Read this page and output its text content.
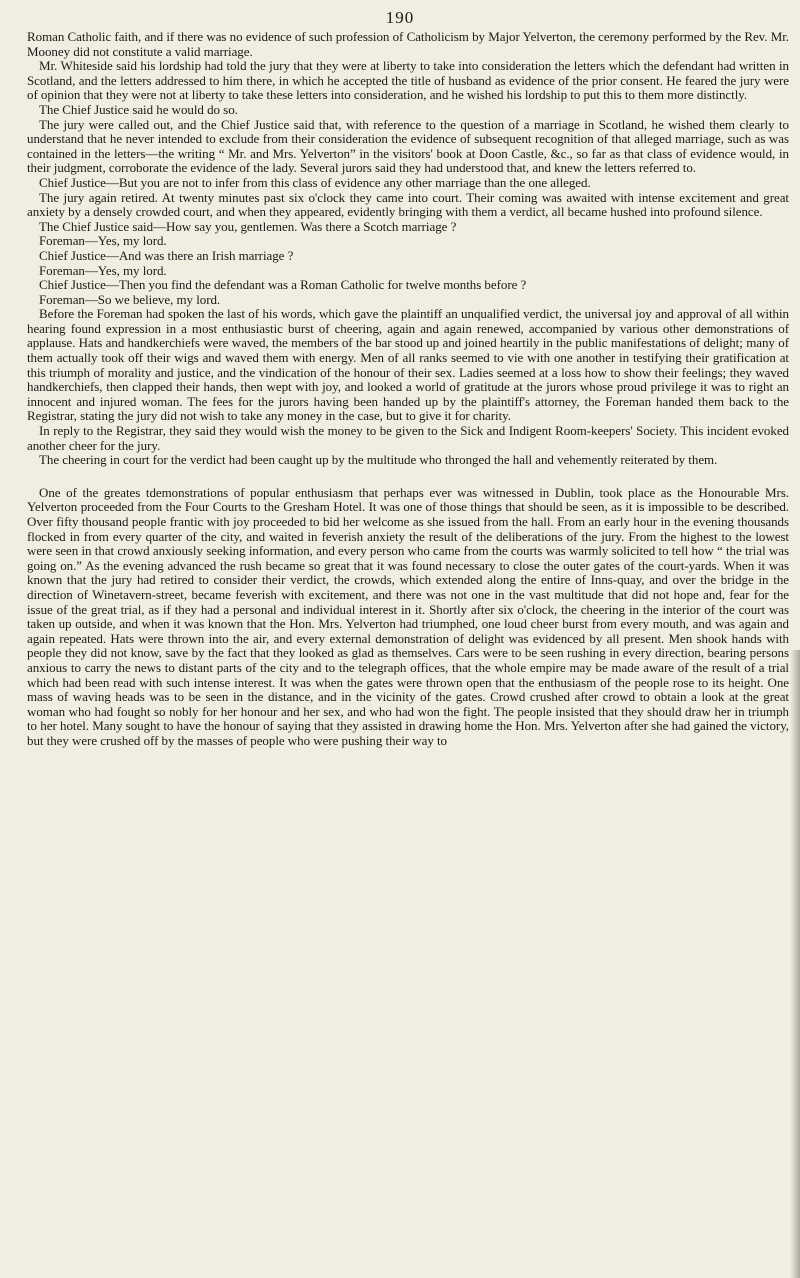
190

Roman Catholic faith, and if there was no evidence of such profession of Catholicism by Major Yelverton, the ceremony performed by the Rev. Mr. Mooney did not constitute a valid marriage.

Mr. Whiteside said his lordship had told the jury that they were at liberty to take into consideration the letters which the defendant had written in Scotland, and the letters addressed to him there, in which he accepted the title of husband as evidence of the prior consent. He feared the jury were of opinion that they were not at liberty to take these letters into consideration, and he wished his lordship to put this to them more distinctly.

The Chief Justice said he would do so.

The jury were called out, and the Chief Justice said that, with reference to the question of a marriage in Scotland, he wished them clearly to understand that he never intended to exclude from their consideration the evidence of subsequent recognition of that alleged marriage, such as was contained in the letters—the writing “ Mr. and Mrs. Yelverton” in the visitors' book at Doon Castle, &c., so far as that class of evidence would, in their judgment, corroborate the evidence of the lady. Several jurors said they had understood that, and knew the letters referred to.

Chief Justice—But you are not to infer from this class of evidence any other marriage than the one alleged.

The jury again retired. At twenty minutes past six o'clock they came into court. Their coming was awaited with intense excitement and great anxiety by a densely crowded court, and when they appeared, evidently bringing with them a verdict, all became hushed into profound silence.

The Chief Justice said—How say you, gentlemen. Was there a Scotch marriage ?

Foreman—Yes, my lord.

Chief Justice—And was there an Irish marriage ?

Foreman—Yes, my lord.

Chief Justice—Then you find the defendant was a Roman Catholic for twelve months before ?

Foreman—So we believe, my lord.

Before the Foreman had spoken the last of his words, which gave the plaintiff an unqualified verdict, the universal joy and approval of all within hearing found expression in a most enthusiastic burst of cheering, again and again renewed, accompanied by various other demonstrations of applause. Hats and handkerchiefs were waved, the members of the bar stood up and joined heartily in the public manifestations of delight; many of them actually took off their wigs and waved them with energy. Men of all ranks seemed to vie with one another in testifying their gratification at this triumph of morality and justice, and the vindication of the honour of their sex. Ladies seemed at a loss how to show their feelings; they waved handkerchiefs, then clapped their hands, then wept with joy, and looked a world of gratitude at the jurors whose proud privilege it was to right an innocent and injured woman. The fees for the jurors having been handed up by the plaintiff's attorney, the Foreman handed them back to the Registrar, stating the jury did not wish to take any money in the case, but to give it for charity.

In reply to the Registrar, they said they would wish the money to be given to the Sick and Indigent Room-keepers' Society. This incident evoked another cheer for the jury.

The cheering in court for the verdict had been caught up by the multitude who thronged the hall and vehemently reiterated by them.

One of the greates tdemonstrations of popular enthusiasm that perhaps ever was witnessed in Dublin, took place as the Honourable Mrs. Yelverton proceeded from the Four Courts to the Gresham Hotel. It was one of those things that should be seen, as it is impossible to be described. Over fifty thousand people frantic with joy proceeded to bid her welcome as she issued from the hall. From an early hour in the evening thousands flocked in from every quarter of the city, and waited in feverish anxiety the result of the deliberations of the jury. From the highest to the lowest were seen in that crowd anxiously seeking information, and every person who came from the courts was warmly solicited to tell how “ the trial was going on.” As the evening advanced the rush became so great that it was found necessary to close the outer gates of the court-yards. When it was known that the jury had retired to consider their verdict, the crowds, which extended along the entire of Inns-quay, and over the bridge in the direction of Winetavern-street, became feverish with excitement, and there was not one in the vast multitude that did not hope and, fear for the issue of the great trial, as if they had a personal and individual interest in it. Shortly after six o'clock, the cheering in the interior of the court was taken up outside, and when it was known that the Hon. Mrs. Yelverton had triumphed, one loud cheer burst from every mouth, and was again and again repeated. Hats were thrown into the air, and every external demonstration of delight was evidenced by all present. Men shook hands with people they did not know, save by the fact that they looked as glad as themselves. Cars were to be seen rushing in every direction, bearing persons anxious to carry the news to distant parts of the city and to the telegraph offices, that the whole empire may be made aware of the result of a trial which had been read with such intense interest. It was when the gates were thrown open that the enthusiasm of the people rose to its height. One mass of waving heads was to be seen in the distance, and in the vicinity of the gates. Crowd crushed after crowd to obtain a look at the great woman who had fought so nobly for her honour and her sex, and who had won the fight. The people insisted that they should draw her in triumph to her hotel. Many sought to have the honour of saying that they assisted in drawing home the Hon. Mrs. Yelverton after she had gained the victory, but they were crushed off by the masses of people who were pushing their way to
